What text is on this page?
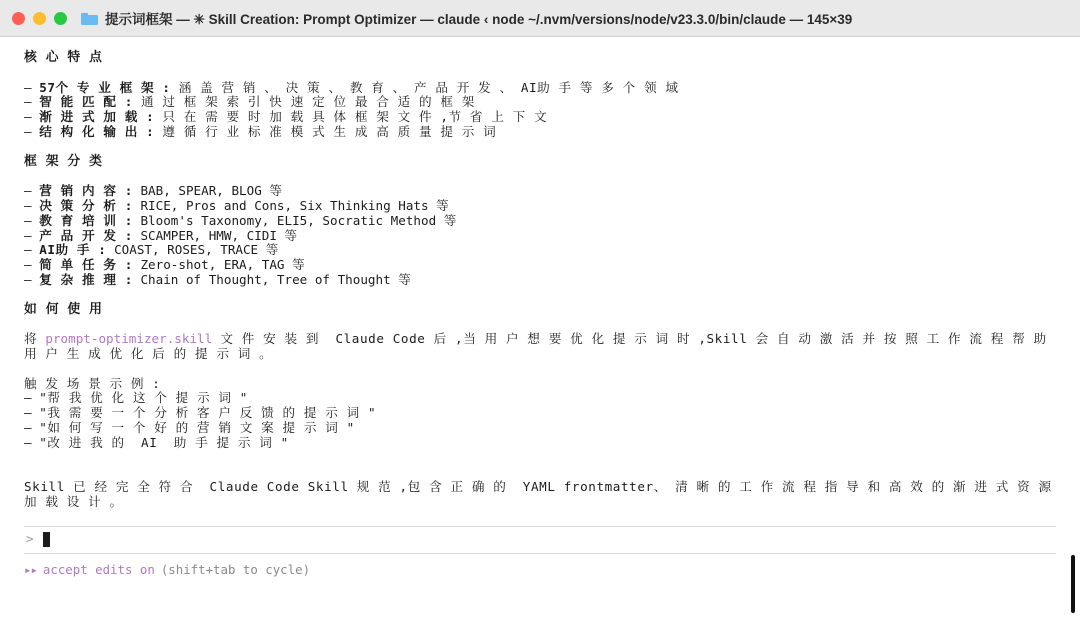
提示词框架 — ✳ Skill Creation: Prompt Optimizer — claude ‹ node ~/.nvm/versions/node/v23.3.0/bin/claude — 145×39
核 心 特 点
– 57个 专 业 框 架 : 涵 盖 营 销 、 决 策 、 教 育 、 产 品 开 发 、 AI助 手 等 多 个 领 域
– 智 能 匹 配 : 通 过 框 架 索 引 快 速 定 位 最 合 适 的 框 架
– 渐 进 式 加 载 : 只 在 需 要 时 加 载 具 体 框 架 文 件 ,节 省 上 下 文
– 结 构 化 输 出 : 遵 循 行 业 标 准 模 式 生 成 高 质 量 提 示 词
框 架 分 类
– 营 销 内 容 : BAB, SPEAR, BLOG 等
– 决 策 分 析 : RICE, Pros and Cons, Six Thinking Hats 等
– 教 育 培 训 : Bloom's Taxonomy, ELI5, Socratic Method 等
– 产 品 开 发 : SCAMPER, HMW, CIDI 等
– AI助 手 : COAST, ROSES, TRACE 等
– 简 单 任 务 : Zero-shot, ERA, TAG 等
– 复 杂 推 理 : Chain of Thought, Tree of Thought 等
如 何 使 用
将 prompt-optimizer.skill 文 件 安 装 到  Claude Code 后 ,当 用 户 想 要 优 化 提 示 词 时 ,Skill 会 自 动 激 活 并 按 照 工 作 流 程 帮 助 用 户 生 成 优 化 后 的 提 示 词 。
触 发 场 景 示 例 :
– "帮 我 优 化 这 个 提 示 词 "
– "我 需 要 一 个 分 析 客 户 反 馈 的 提 示 词 "
– "如 何 写 一 个 好 的 营 销 文 案 提 示 词 "
– "改 进 我 的  AI  助 手 提 示 词 "
Skill 已 经 完 全 符 合  Claude Code Skill 规 范 ,包 含 正 确 的  YAML frontmatter、 清 晰 的 工 作 流 程 指 导 和 高 效 的 渐 进 式 资 源 加 载 设 计 。
>
▸▸ accept edits on (shift+tab to cycle)
